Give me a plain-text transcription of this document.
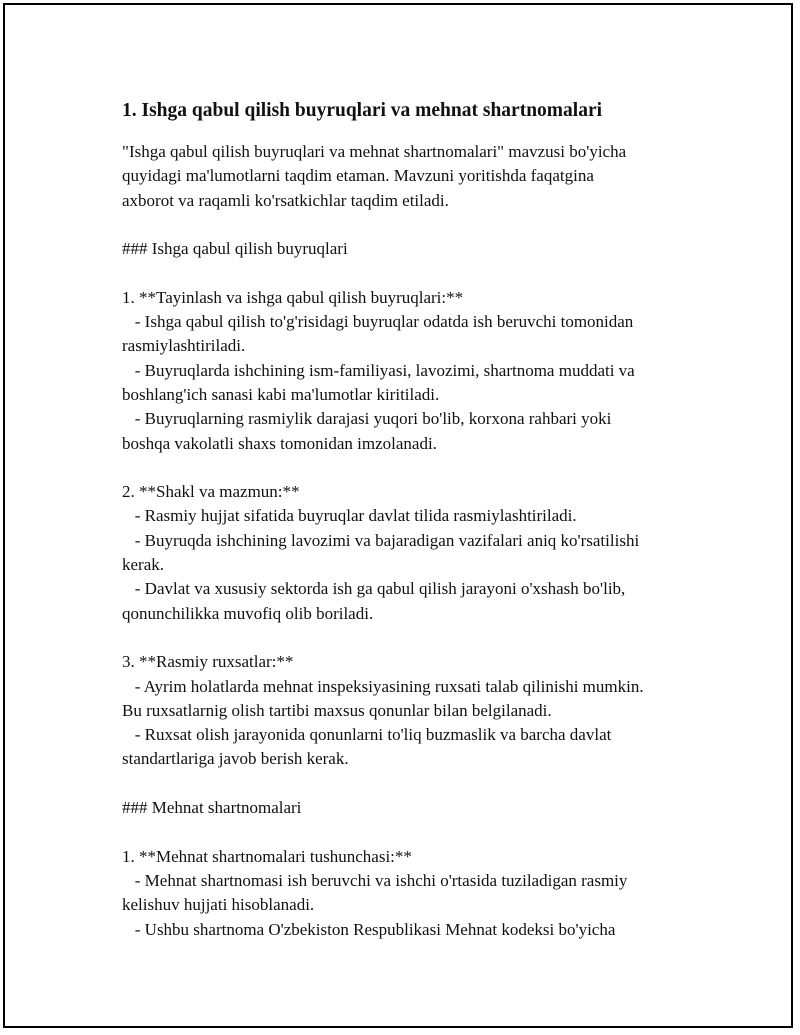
1. Ishga qabul qilish buyruqlari va mehnat shartnomalari
"Ishga qabul qilish buyruqlari va mehnat shartnomalari" mavzusi bo'yicha
quyidagi ma'lumotlarni taqdim etaman. Mavzuni yoritishda faqatgina
axborot va raqamli ko'rsatkichlar taqdim etiladi.
### Ishga qabul qilish buyruqlari
1. **Tayinlash va ishga qabul qilish buyruqlari:**
- Ishga qabul qilish to'g'risidagi buyruqlar odatda ish beruvchi tomonidan
rasmiylashtiriladi.
- Buyruqlarda ishchining ism-familiyasi, lavozimi, shartnoma muddati va
boshlang'ich sanasi kabi ma'lumotlar kiritiladi.
- Buyruqlarning rasmiylik darajasi yuqori bo'lib, korxona rahbari yoki
boshqa vakolatli shaxs tomonidan imzolanadi.
2. **Shakl va mazmun:**
- Rasmiy hujjat sifatida buyruqlar davlat tilida rasmiylashtiriladi.
- Buyruqda ishchining lavozimi va bajaradigan vazifalari aniq ko'rsatilishi
kerak.
- Davlat va xususiy sektorda ish ga qabul qilish jarayoni o'xshash bo'lib,
qonunchilikka muvofiq olib boriladi.
3. **Rasmiy ruxsatlar:**
- Ayrim holatlarda mehnat inspeksiyasining ruxsati talab qilinishi mumkin.
Bu ruxsatlarnig olish tartibi maxsus qonunlar bilan belgilanadi.
- Ruxsat olish jarayonida qonunlarni to'liq buzmaslik va barcha davlat
standartlariga javob berish kerak.
### Mehnat shartnomalari
1. **Mehnat shartnomalari tushunchasi:**
- Mehnat shartnomasi ish beruvchi va ishchi o'rtasida tuziladigan rasmiy
kelishuv hujjati hisoblanadi.
- Ushbu shartnoma O'zbekiston Respublikasi Mehnat kodeksi bo'yicha
